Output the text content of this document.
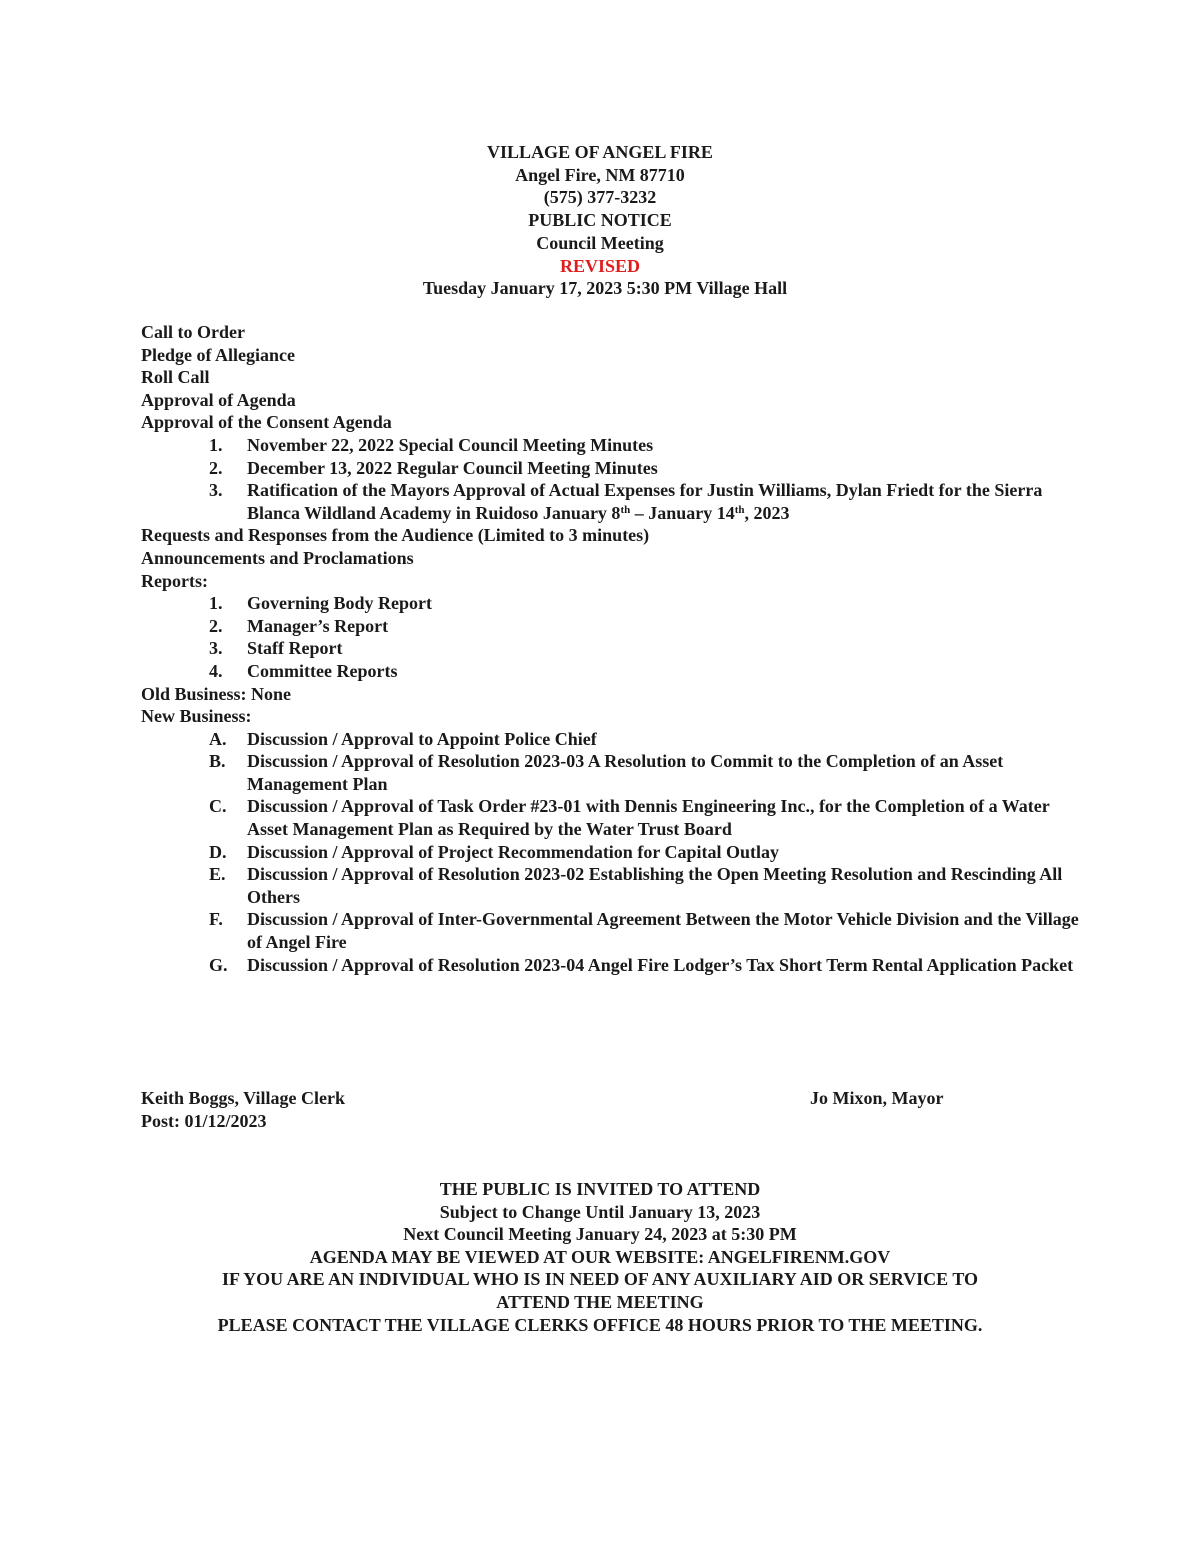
VILLAGE OF ANGEL FIRE
Angel Fire, NM 87710
(575) 377-3232
PUBLIC NOTICE
Council Meeting
REVISED
Tuesday January 17, 2023 5:30 PM Village Hall
Call to Order
Pledge of Allegiance
Roll Call
Approval of Agenda
Approval of the Consent Agenda
1. November 22, 2022 Special Council Meeting Minutes
2. December 13, 2022 Regular Council Meeting Minutes
3. Ratification of the Mayors Approval of Actual Expenses for Justin Williams, Dylan Friedt for the Sierra Blanca Wildland Academy in Ruidoso January 8th – January 14th, 2023
Requests and Responses from the Audience (Limited to 3 minutes)
Announcements and Proclamations
Reports:
1. Governing Body Report
2. Manager’s Report
3. Staff Report
4. Committee Reports
Old Business: None
New Business:
A. Discussion / Approval to Appoint Police Chief
B. Discussion / Approval of Resolution 2023-03 A Resolution to Commit to the Completion of an Asset Management Plan
C. Discussion / Approval of Task Order #23-01 with Dennis Engineering Inc., for the Completion of a Water Asset Management Plan as Required by the Water Trust Board
D. Discussion / Approval of Project Recommendation for Capital Outlay
E. Discussion / Approval of Resolution 2023-02 Establishing the Open Meeting Resolution and Rescinding All Others
F. Discussion / Approval of Inter-Governmental Agreement Between the Motor Vehicle Division and the Village of Angel Fire
G. Discussion / Approval of Resolution 2023-04 Angel Fire Lodger’s Tax Short Term Rental Application Packet
Keith Boggs, Village Clerk
Post: 01/12/2023
Jo Mixon, Mayor
THE PUBLIC IS INVITED TO ATTEND
Subject to Change Until January 13, 2023
Next Council Meeting January 24, 2023 at 5:30 PM
AGENDA MAY BE VIEWED AT OUR WEBSITE: ANGELFIRENM.GOV
IF YOU ARE AN INDIVIDUAL WHO IS IN NEED OF ANY AUXILIARY AID OR SERVICE TO
ATTEND THE MEETING
PLEASE CONTACT THE VILLAGE CLERKS OFFICE 48 HOURS PRIOR TO THE MEETING.
